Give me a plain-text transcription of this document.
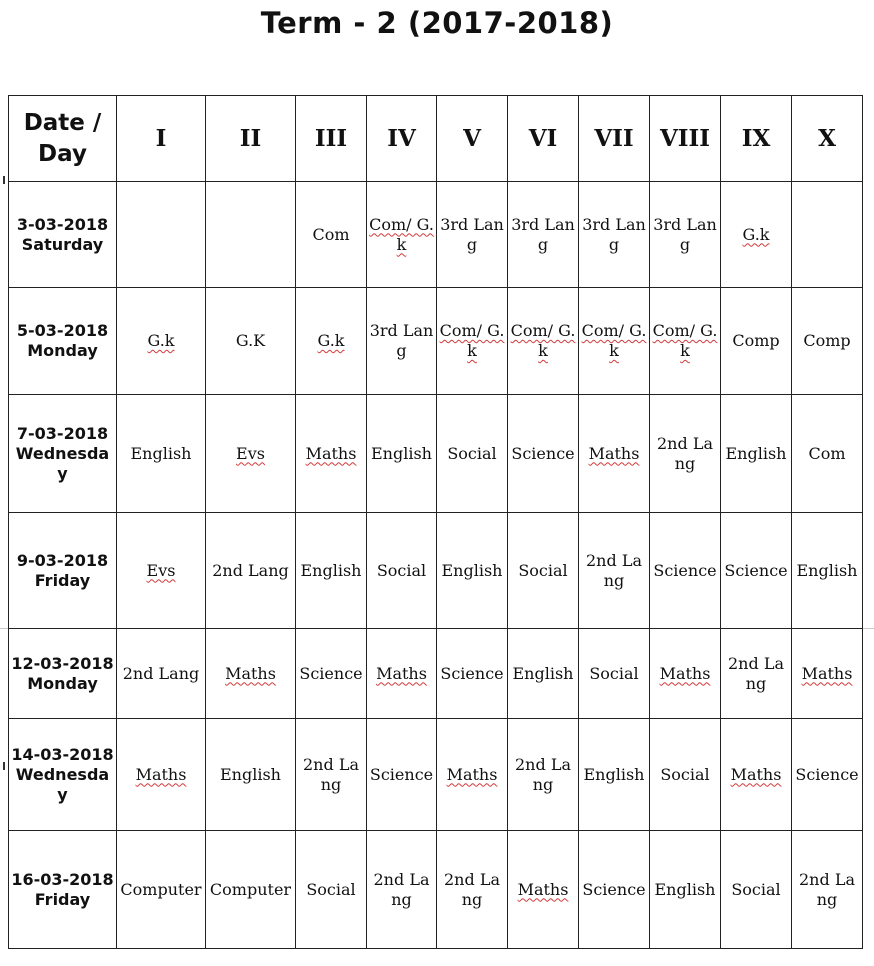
Term - 2 (2017-2018)
Date / Day	I	II	III	IV	V	VI	VII	VIII	IX	X
3-03-2018
Saturday			Com	Com/ G.k	3rd Lang	3rd Lang	3rd Lang	3rd Lang	G.k	
5-03-2018
Monday	G.k	G.K	G.k	3rd Lang	Com/ G.k	Com/ G.k	Com/ G.k	Com/ G.k	Comp	Comp
7-03-2018
Wednesday	English	Evs	Maths	English	Social	Science	Maths	2nd Lang	English	Com
9-03-2018
Friday	Evs	2nd Lang	English	Social	English	Social	2nd Lang	Science	Science	English
12-03-2018
Monday	2nd Lang	Maths	Science	Maths	Science	English	Social	Maths	2nd Lang	Maths
14-03-2018
Wednesday	Maths	English	2nd Lang	Science	Maths	2nd Lang	English	Social	Maths	Science
16-03-2018
Friday	Computer	Computer	Social	2nd Lang	2nd Lang	Maths	Science	English	Social	2nd Lang
